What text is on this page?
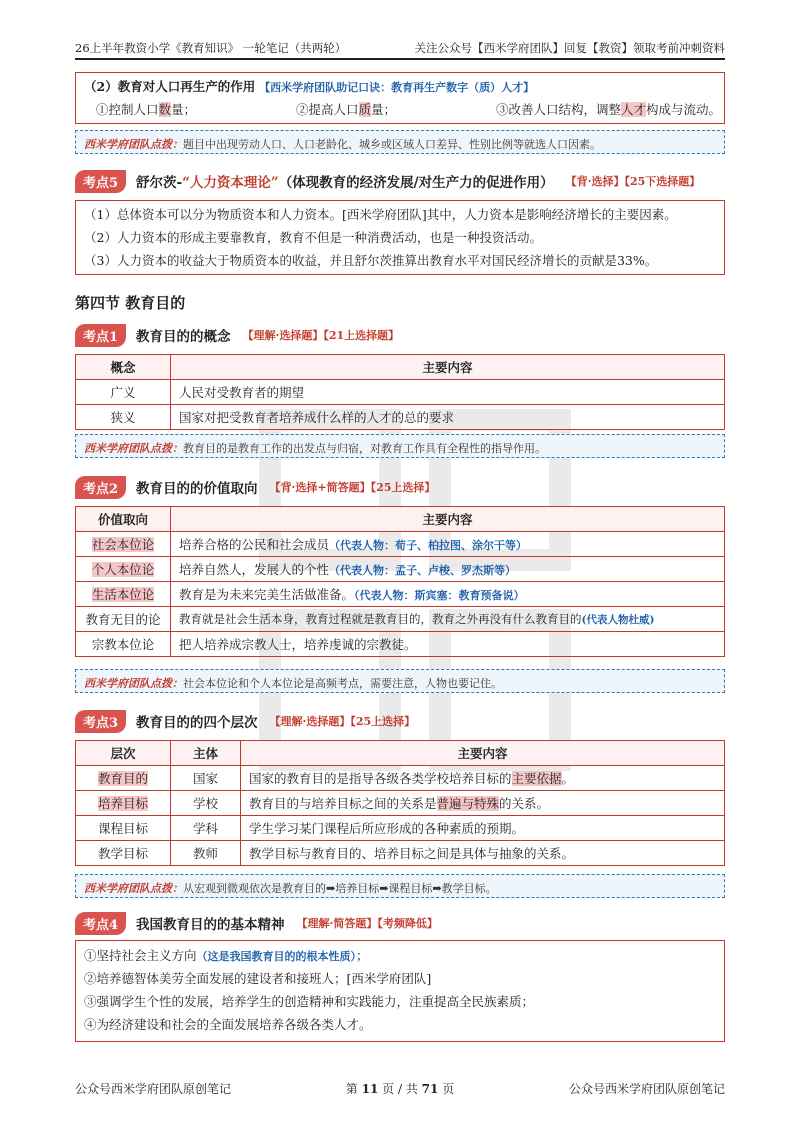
26上半年教资小学《教育知识》 一轮笔记（共两轮）	关注公众号【西米学府团队】回复【教资】领取考前冲刺资料
（2）教育对人口再生产的作用 【西米学府团队助记口诀：教育再生产数字（质）人才】
①控制人口数量；	②提高人口质量；	③改善人口结构，调整人才构成与流动。
西米学府团队点拨：题目中出现劳动人口、人口老龄化、城乡或区域人口差异、性别比例等就选人口因素。
考点5	舒尔茨-“人力资本理论”（体现教育的经济发展/对生产力的促进作用） 【背·选择】【25下选择题】
（1）总体资本可以分为物质资本和人力资本。[西米学府团队]其中，人力资本是影响经济增长的主要因素。
（2）人力资本的形成主要靠教育，教育不但是一种消费活动，也是一种投资活动。
（3）人力资本的收益大于物质资本的收益，并且舒尔茨推算出教育水平对国民经济增长的贡献是33%。
第四节 教育目的
考点1	教育目的的概念 【理解·选择题】【21上选择题】
概念	主要内容
广义	人民对受教育者的期望
狭义	国家对把受教育者培养成什么样的人才的总的要求
西米学府团队点拨：教育目的是教育工作的出发点与归宿，对教育工作具有全程性的指导作用。
考点2	教育目的的价值取向 【背·选择+简答题】【25上选择】
价值取向	主要内容
社会本位论	培养合格的公民和社会成员（代表人物：荀子、柏拉图、涂尔干等）
个人本位论	培养自然人，发展人的个性（代表人物：孟子、卢梭、罗杰斯等）
生活本位论	教育是为未来完美生活做准备。（代表人物：斯宾塞：教育预备说）
教育无目的论	教育就是社会生活本身，教育过程就是教育目的，教育之外再没有什么教育目的(代表人物杜威)
宗教本位论	把人培养成宗教人士，培养虔诚的宗教徒。
西米学府团队点拨：社会本位论和个人本位论是高频考点，需要注意，人物也要记住。
考点3	教育目的的四个层次 【理解·选择题】【25上选择】
层次	主体	主要内容
教育目的	国家	国家的教育目的是指导各级各类学校培养目标的主要依据。
培养目标	学校	教育目的与培养目标之间的关系是普遍与特殊的关系。
课程目标	学科	学生学习某门课程后所应形成的各种素质的预期。
教学目标	教师	教学目标与教育目的、培养目标之间是具体与抽象的关系。
西米学府团队点拨：从宏观到微观依次是教育目的➡培养目标➡课程目标➡教学目标。
考点4	我国教育目的的基本精神 【理解·简答题】【考频降低】
①坚持社会主义方向（这是我国教育目的的根本性质）；
②培养德智体美劳全面发展的建设者和接班人；[西米学府团队]
③强调学生个性的发展，培养学生的创造精神和实践能力，注重提高全民族素质；
④为经济建设和社会的全面发展培养各级各类人才。
公众号西米学府团队原创笔记	第 11 页 / 共 71 页	公众号西米学府团队原创笔记
